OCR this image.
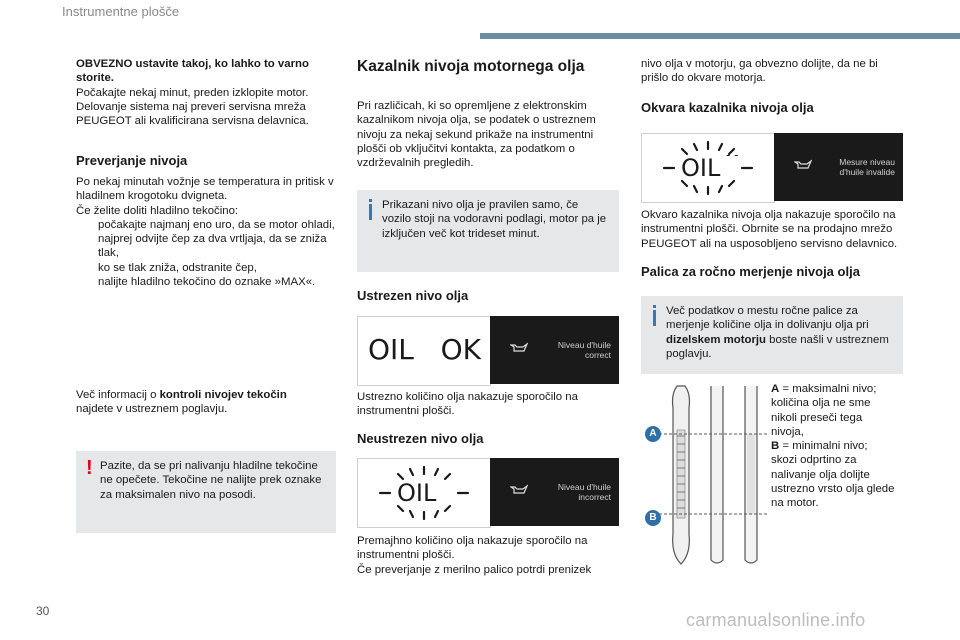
Instrumentne plošče
OBVEZNO ustavite takoj, ko lahko to varno storite.
Počakajte nekaj minut, preden izklopite motor. Delovanje sistema naj preveri servisna mreža PEUGEOT ali kvalificirana servisna delavnica.
Preverjanje nivoja
Po nekaj minutah vožnje se temperatura in pritisk v hladilnem krogotoku dvigneta.
Če želite doliti hladilno tekočino:
počakajte najmanj eno uro, da se motor ohladi,
najprej odvijte čep za dva vrtljaja, da se zniža tlak,
ko se tlak zniža, odstranite čep,
nalijte hladilno tekočino do oznake »MAX«.
Več informacij o kontroli nivojev tekočin
najdete v ustreznem poglavju.
! Pazite, da se pri nalivanju hladilne tekočine ne opečete. Tekočine ne nalijte prek oznake za maksimalen nivo na posodi.
Kazalnik nivoja motornega olja
Pri različicah, ki so opremljene z elektronskim kazalnikom nivoja olja, se podatek o ustreznem nivoju za nekaj sekund prikaže na instrumentni plošči ob vključitvi kontakta, za podatkom o vzdrževalnih pregledih.
Prikazani nivo olja je pravilen samo, če vozilo stoji na vodoravni podlagi, motor pa je izključen več kot trideset minut.
Ustrezen nivo olja
OIL   OK	Niveau d'huile
correct
Ustrezno količino olja nakazuje sporočilo na instrumentni plošči.
Neustrezen nivo olja
OIL	Niveau d'huile
incorrect
Premajhno količino olja nakazuje sporočilo na instrumentni plošči.
Če preverjanje z merilno palico potrdi prenizek
nivo olja v motorju, ga obvezno dolijte, da ne bi prišlo do okvare motorja.
Okvara kazalnika nivoja olja
OIL - -	Mesure niveau
d'huile invalide
Okvaro kazalnika nivoja olja nakazuje sporočilo na instrumentni plošči. Obrnite se na prodajno mrežo PEUGEOT ali na usposobljeno servisno delavnico.
Palica za ročno merjenje nivoja olja
Več podatkov o mestu ročne palice za merjenje količine olja in dolivanju olja pri dizelskem motorju boste našli v ustreznem poglavju.
A
B
A = maksimalni nivo; količina olja ne sme nikoli preseči tega nivoja,
B = minimalni nivo; skozi odprtino za nalivanje olja dolijte ustrezno vrsto olja glede na motor.
30	carmanualsonline.info
